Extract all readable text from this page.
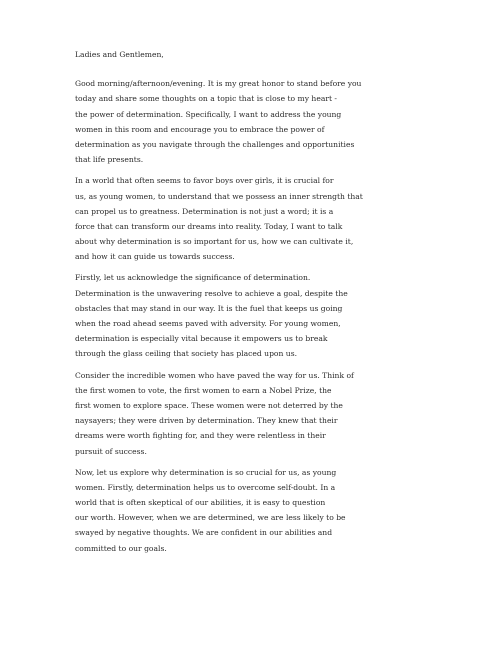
Ladies and Gentlemen,
Good morning/afternoon/evening. It is my great honor to stand before you
today and share some thoughts on a topic that is close to my heart -
the power of determination. Specifically, I want to address the young
women in this room and encourage you to embrace the power of
determination as you navigate through the challenges and opportunities
that life presents.
In a world that often seems to favor boys over girls, it is crucial for
us, as young women, to understand that we possess an inner strength that
can propel us to greatness. Determination is not just a word; it is a
force that can transform our dreams into reality. Today, I want to talk
about why determination is so important for us, how we can cultivate it,
and how it can guide us towards success.
Firstly, let us acknowledge the significance of determination.
Determination is the unwavering resolve to achieve a goal, despite the
obstacles that may stand in our way. It is the fuel that keeps us going
when the road ahead seems paved with adversity. For young women,
determination is especially vital because it empowers us to break
through the glass ceiling that society has placed upon us.
Consider the incredible women who have paved the way for us. Think of
the first women to vote, the first women to earn a Nobel Prize, the
first women to explore space. These women were not deterred by the
naysayers; they were driven by determination. They knew that their
dreams were worth fighting for, and they were relentless in their
pursuit of success.
Now, let us explore why determination is so crucial for us, as young
women. Firstly, determination helps us to overcome self-doubt. In a
world that is often skeptical of our abilities, it is easy to question
our worth. However, when we are determined, we are less likely to be
swayed by negative thoughts. We are confident in our abilities and
committed to our goals.
